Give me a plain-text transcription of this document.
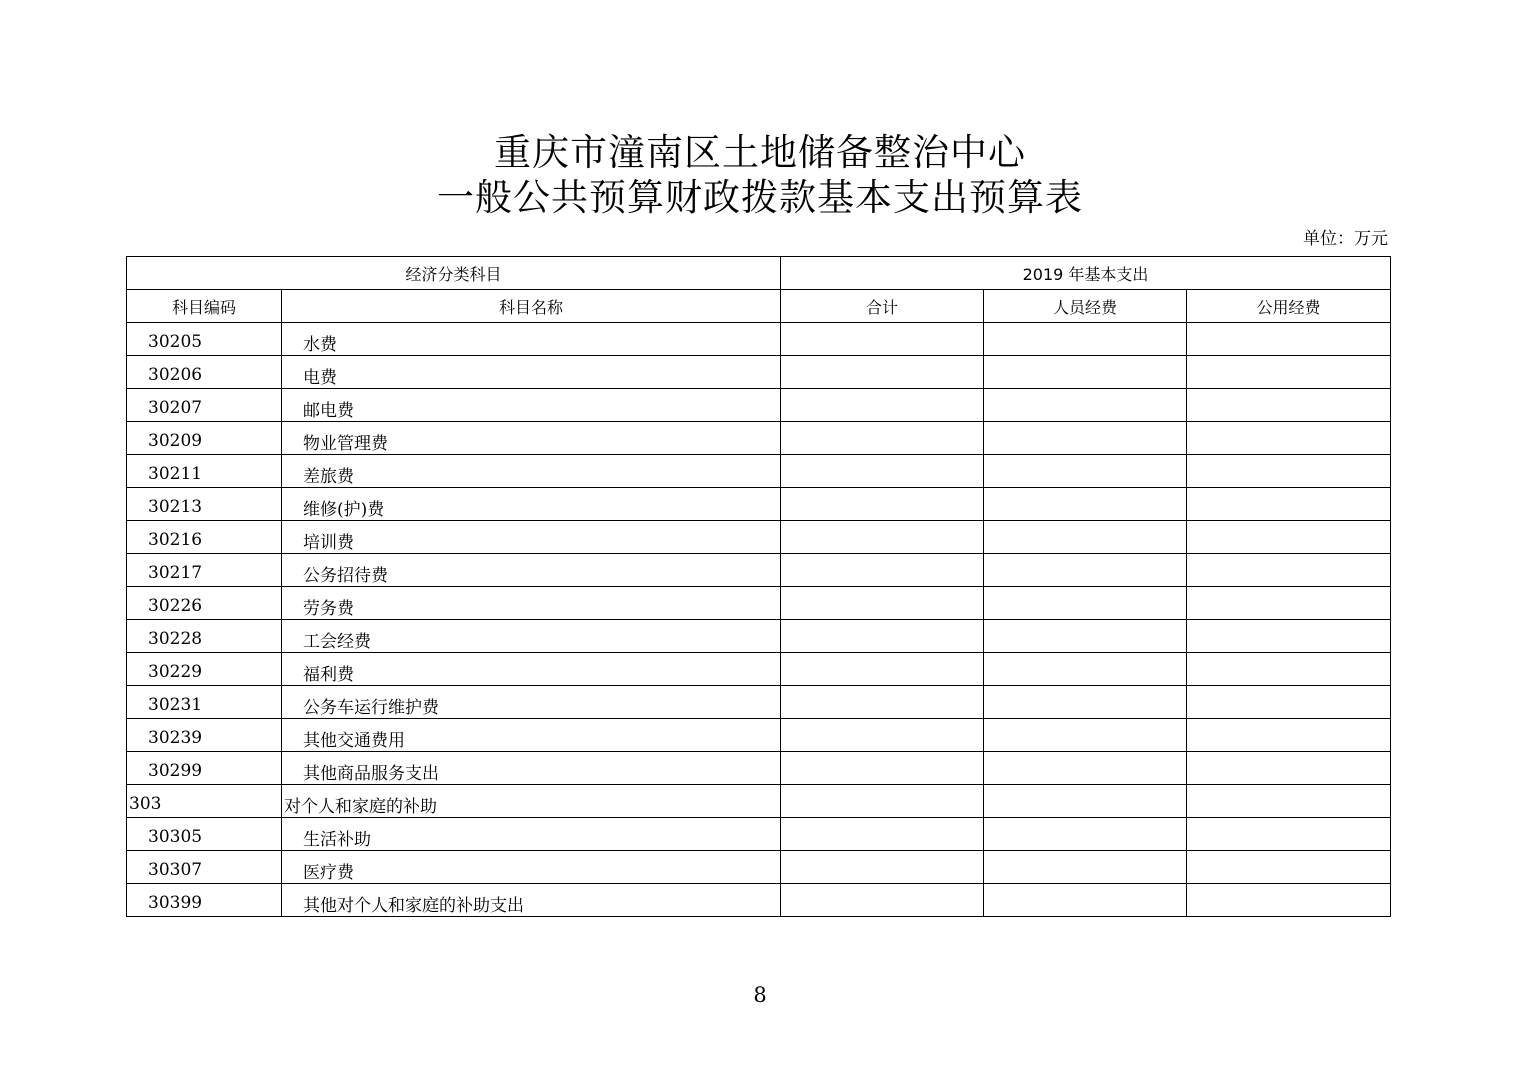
重庆市潼南区土地储备整治中心
一般公共预算财政拨款基本支出预算表
单位：万元
经济分类科目		2019 年基本支出		
科目编码	科目名称	合计	人员经费	公用经费
30205	水费			
30206	电费			
30207	邮电费			
30209	物业管理费			
30211	差旅费			
30213	维修(护)费			
30216	培训费			
30217	公务招待费			
30226	劳务费			
30228	工会经费			
30229	福利费			
30231	公务车运行维护费			
30239	其他交通费用			
30299	其他商品服务支出			
303	对个人和家庭的补助			
30305	生活补助			
30307	医疗费			
30399	其他对个人和家庭的补助支出			
8
